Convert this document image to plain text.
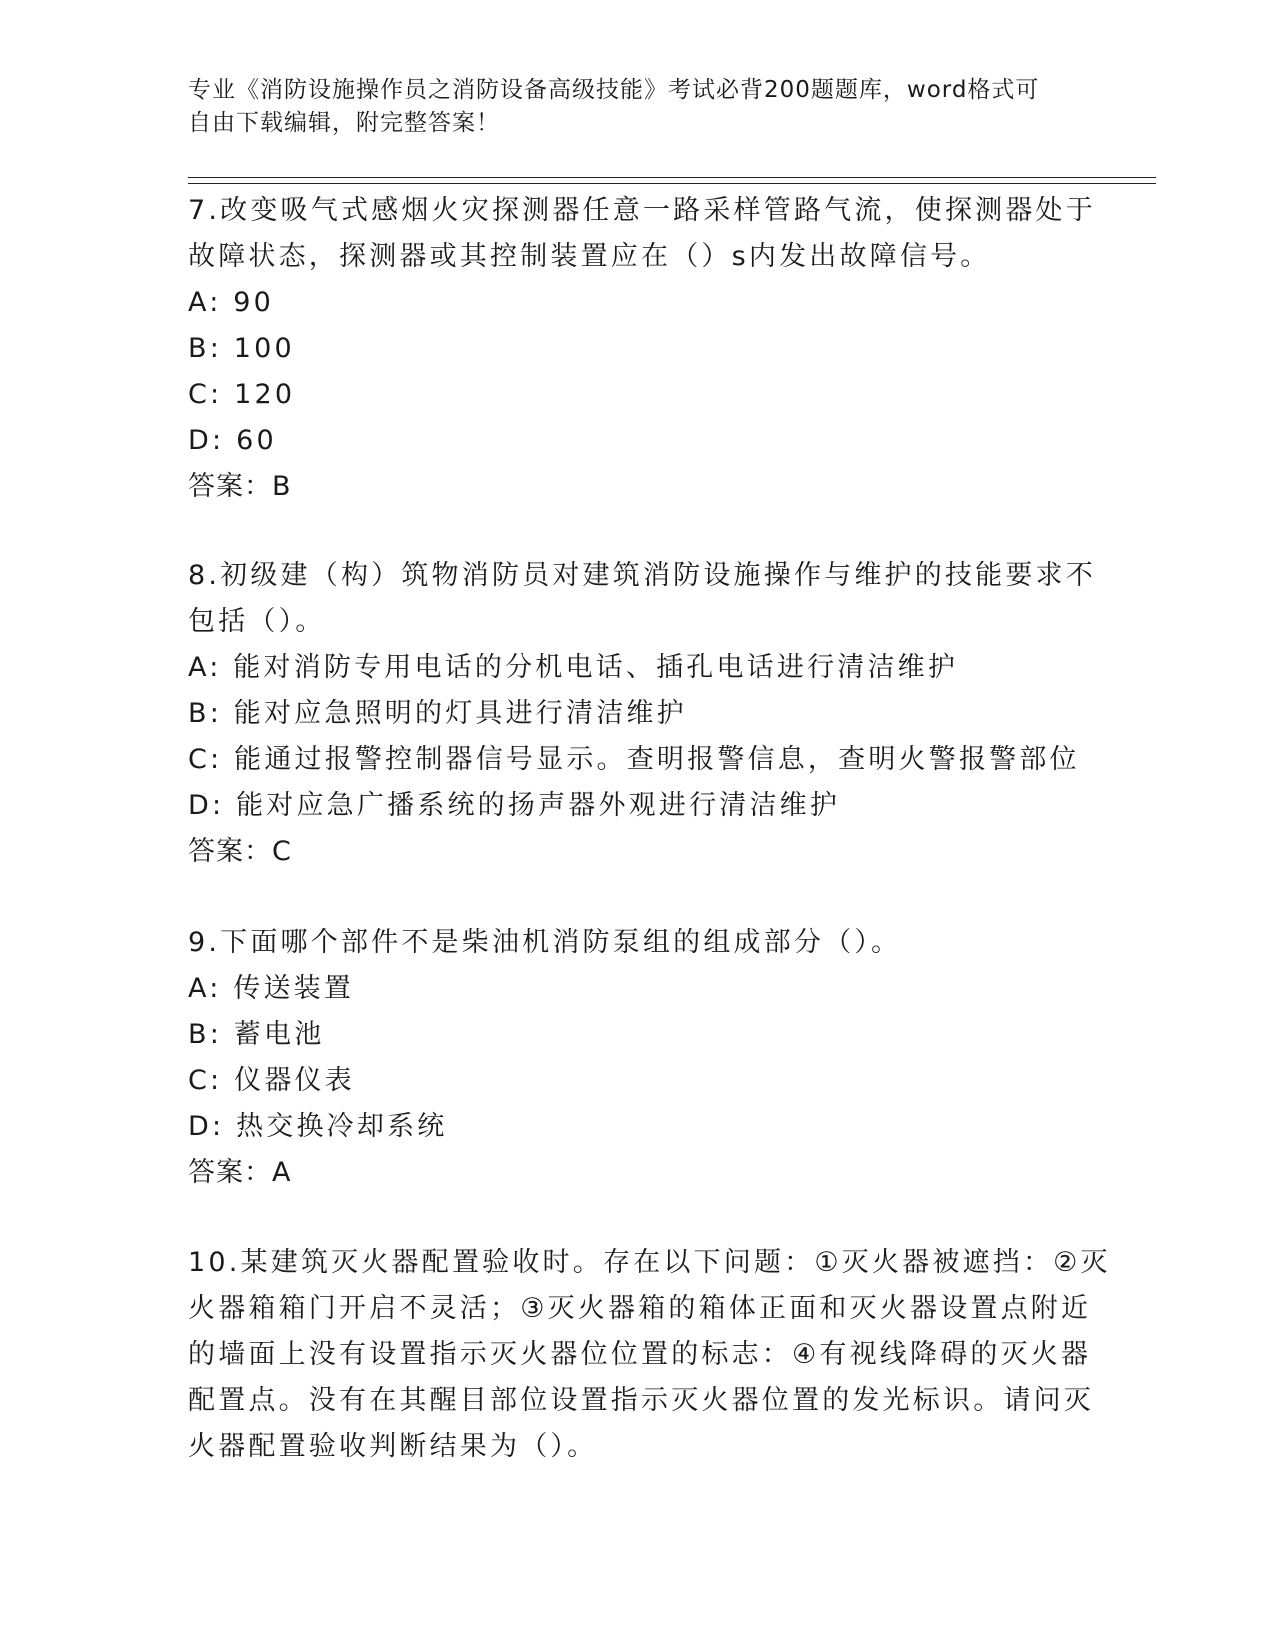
专业《消防设施操作员之消防设备高级技能》考试必背200题题库，word格式可
自由下载编辑，附完整答案！
7.改变吸气式感烟火灾探测器任意一路采样管路气流，使探测器处于
故障状态，探测器或其控制装置应在（）s内发出故障信号。
A: 90
B: 100
C: 120
D: 60
答案：B
8.初级建（构）筑物消防员对建筑消防设施操作与维护的技能要求不
包括（）。
A: 能对消防专用电话的分机电话、插孔电话进行清洁维护
B: 能对应急照明的灯具进行清洁维护
C: 能通过报警控制器信号显示。查明报警信息，查明火警报警部位
D: 能对应急广播系统的扬声器外观进行清洁维护
答案：C
9.下面哪个部件不是柴油机消防泵组的组成部分（）。
A: 传送装置
B: 蓄电池
C: 仪器仪表
D: 热交换冷却系统
答案：A
10.某建筑灭火器配置验收时。存在以下问题：①灭火器被遮挡：②灭
火器箱箱门开启不灵活；③灭火器箱的箱体正面和灭火器设置点附近
的墙面上没有设置指示灭火器位位置的标志：④有视线降碍的灭火器
配置点。没有在其醒目部位设置指示灭火器位置的发光标识。请问灭
火器配置验收判断结果为（）。
